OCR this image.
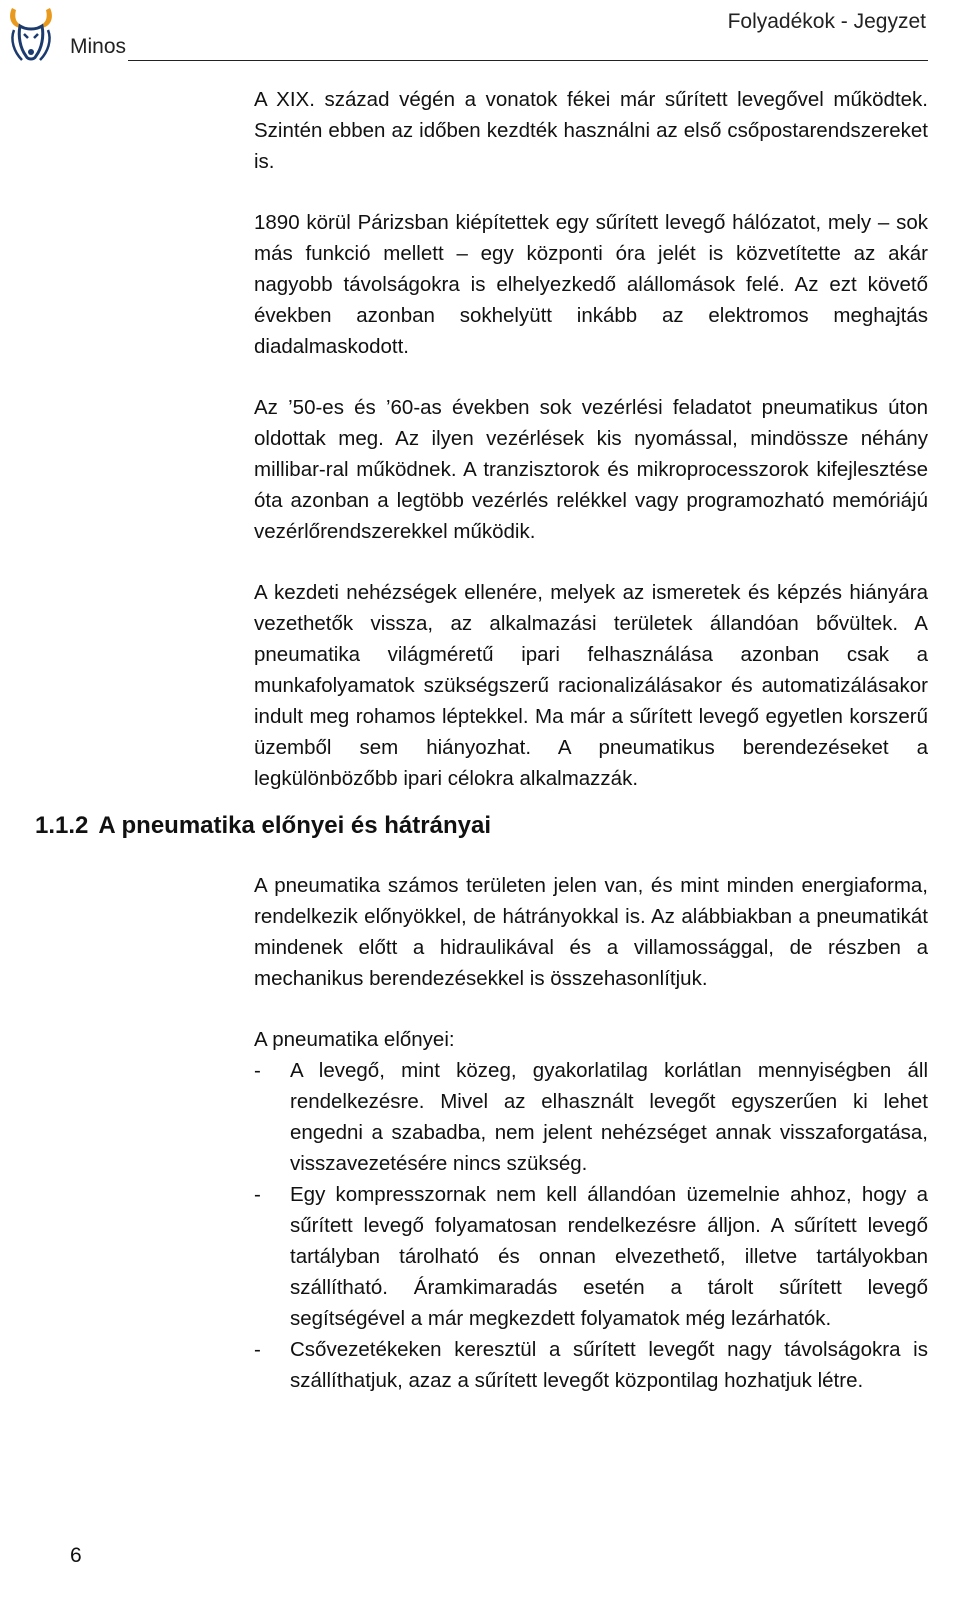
Minos
Folyadékok - Jegyzet

A XIX. század végén a vonatok fékei már sűrített levegővel működtek. Szintén ebben az időben kezdték használni az első csőpostarendszereket is.

1890 körül Párizsban kiépítettek egy sűrített levegő hálózatot, mely – sok más funkció mellett – egy központi óra jelét is közvetítette az akár nagyobb távolságokra is elhelyezkedő alállomások felé. Az ezt követő években azonban sokhelyütt inkább az elektromos meghajtás diadalmaskodott.

Az ’50-es és ’60-as években sok vezérlési feladatot pneumatikus úton oldottak meg. Az ilyen vezérlések kis nyomással, mindössze néhány millibar-ral működnek. A tranzisztorok és mikroprocesszorok kifejlesztése óta azonban a legtöbb vezérlés relékkel vagy programozható memóriájú vezérlőrendszerekkel működik.

A kezdeti nehézségek ellenére, melyek az ismeretek és képzés hiányára vezethetők vissza, az alkalmazási területek állandóan bővültek. A pneumatika világméretű ipari felhasználása azonban csak a munkafolyamatok szükségszerű racionalizálásakor és automatizálásakor indult meg rohamos léptekkel. Ma már a sűrített levegő egyetlen korszerű üzemből sem hiányozhat. A pneumatikus berendezéseket a legkülönbözőbb ipari célokra alkalmazzák.

1.1.2 A pneumatika előnyei és hátrányai

A pneumatika számos területen jelen van, és mint minden energiaforma, rendelkezik előnyökkel, de hátrányokkal is. Az alábbiakban a pneumatikát mindenek előtt a hidraulikával és a villamossággal, de részben a mechanikus berendezésekkel is összehasonlítjuk.

A pneumatika előnyei:

- A levegő, mint közeg, gyakorlatilag korlátlan mennyiségben áll rendelkezésre. Mivel az elhasznált levegőt egyszerűen ki lehet engedni a szabadba, nem jelent nehézséget annak visszaforgatása, visszavezetésére nincs szükség.
- Egy kompresszornak nem kell állandóan üzemelnie ahhoz, hogy a sűrített levegő folyamatosan rendelkezésre álljon. A sűrített levegő tartályban tárolható és onnan elvezethető, illetve tartályokban szállítható. Áramkimaradás esetén a tárolt sűrített levegő segítségével a már megkezdett folyamatok még lezárhatók.
- Csővezetékeken keresztül a sűrített levegőt nagy távolságokra is szállíthatjuk, azaz a sűrített levegőt központilag hozhatjuk létre.
6
